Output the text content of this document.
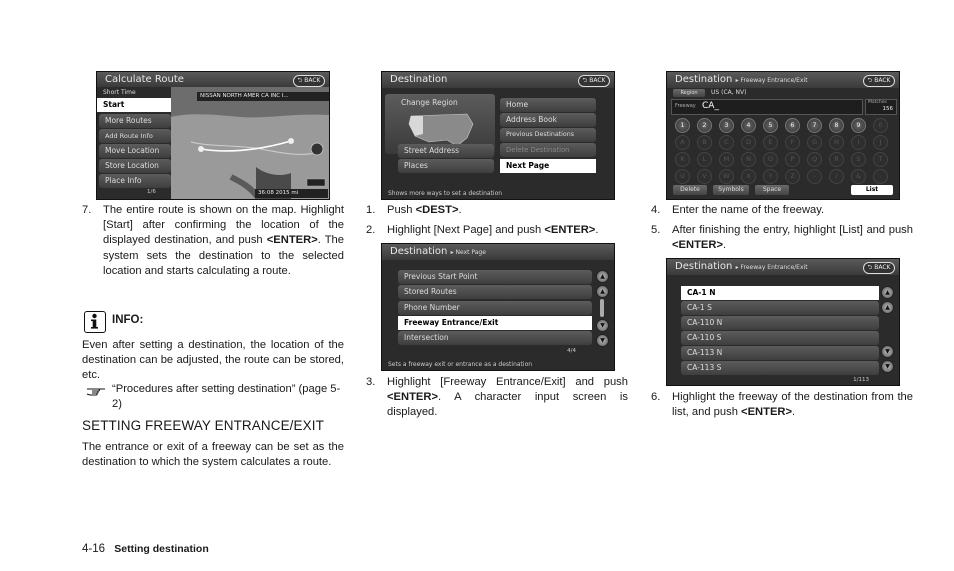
Calculate Route	⮌ BACK
Short Time	NISSAN NORTH AMER CA INC I...
Start
More Routes
Add Route Info
Move Location
Store Location
Place Info
1/6	36:08 2015 mi
Destination	⮌ BACK
Change Region
Street Address
Places
Home
Address Book
Previous Destinations
Delete Destination
Next Page
Shows more ways to set a destination
Destination ▸ Next Page
Previous Start Point
Stored Routes
Phone Number
Freeway Entrance/Exit
Intersection
▲
▲
▼
▼
Sets a freeway exit or entrance as a destination
4/4
Destination ▸ Freeway Entrance/Exit	⮌ BACK
Region	US (CA, NV)
Freeway CA_	Matches
156
1	2	3	4	5	6	7	8	9	0
A	B	C	D	E	F	G	H	I	J
K	L	M	N	O	P	Q	R	S	T
U	V	W	X	Y	Z	-	/	&	.
Delete	Symbols	Space	List
Destination ▸ Freeway Entrance/Exit	⮌ BACK
CA-1 N
CA-1 S
CA-110 N
CA-110 S
CA-113 N
CA-113 S
▲
▲
▼
▼
1/113
7. The entire route is shown on the map. Highlight [Start] after confirming the location of the displayed destination, and push <ENTER>. The system sets the destination to the selected location and starts calculating a route.
INFO:
Even after setting a destination, the location of the destination can be adjusted, the route can be stored, etc.
“Procedures after setting destination” (page 5-2)
SETTING FREEWAY ENTRANCE/EXIT
The entrance or exit of a freeway can be set as the destination to which the system calculates a route.
1. Push <DEST>.
2. Highlight [Next Page] and push <ENTER>.
3. Highlight [Freeway Entrance/Exit] and push <ENTER>. A character input screen is displayed.
4. Enter the name of the freeway.
5. After finishing the entry, highlight [List] and push <ENTER>.
6. Highlight the freeway of the destination from the list, and push <ENTER>.
4-16 Setting destination
